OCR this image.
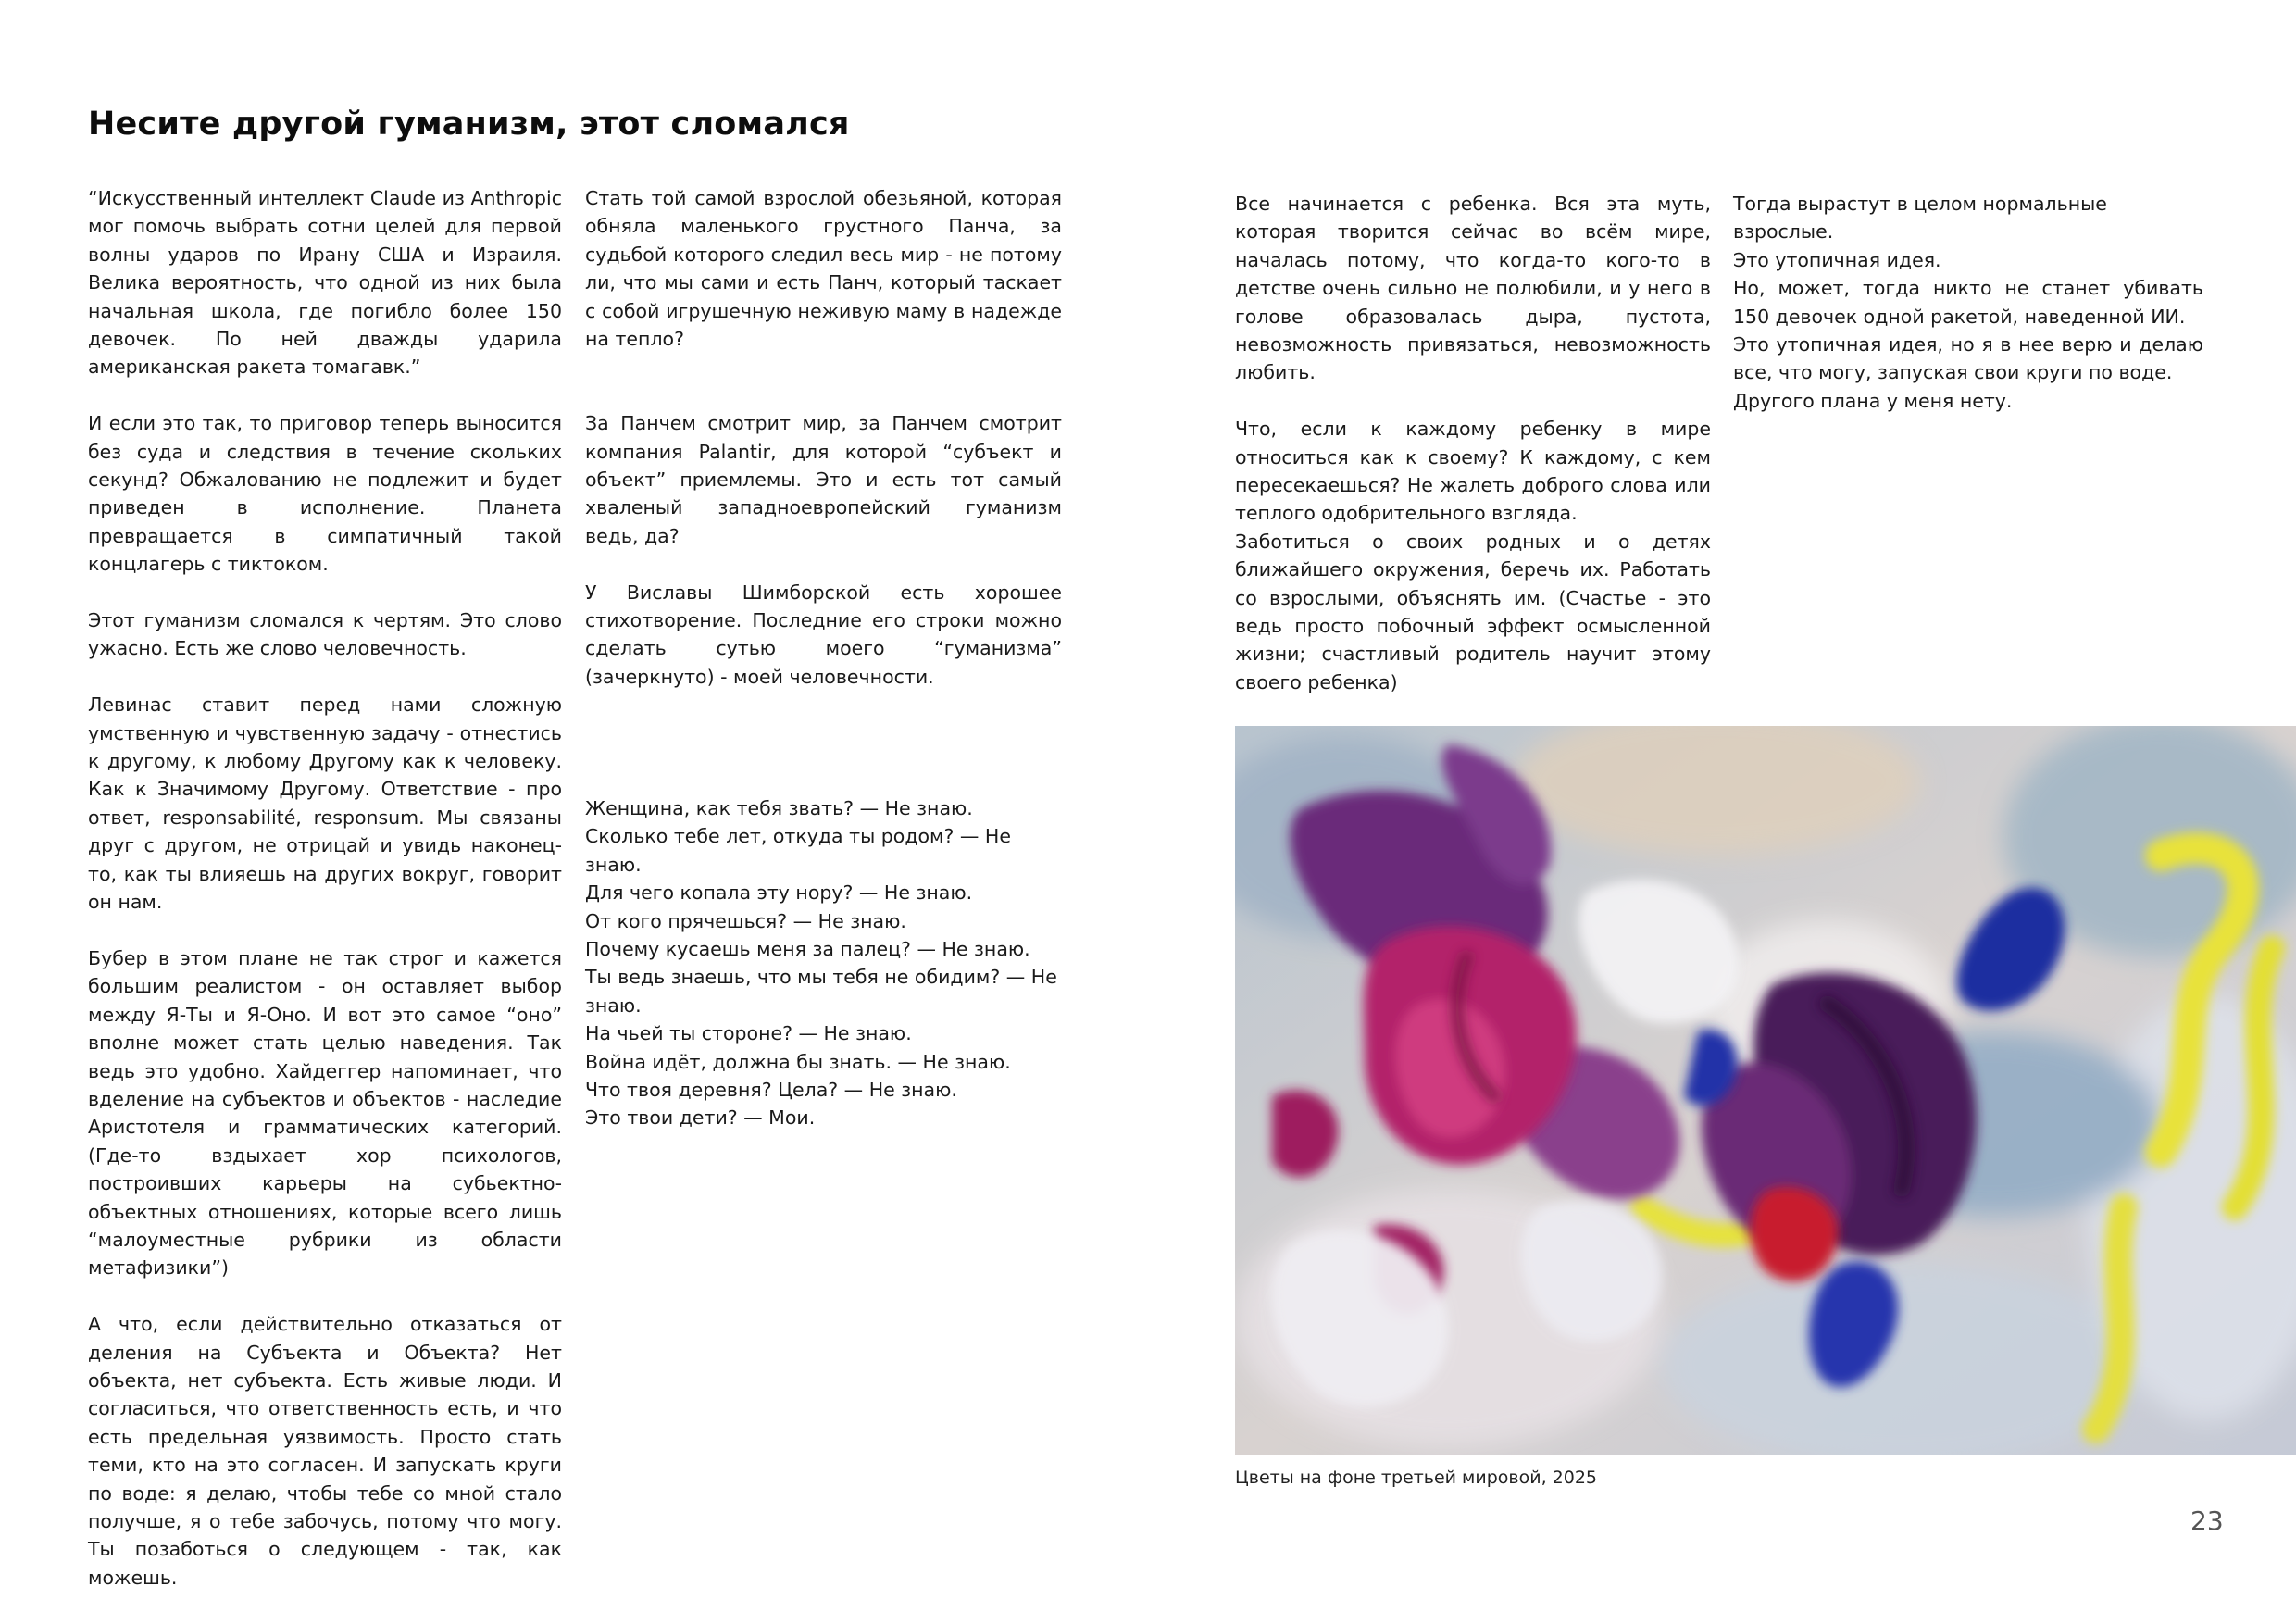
Несите другой гуманизм, этот сломался

“Искусственный интеллект Claude из Anthropic мог помочь выбрать сотни целей для первой волны ударов по Ирану США и Израиля. Велика вероятность, что одной из них была начальная школа, где погибло более 150 девочек. По ней дважды ударила американская ракета томагавк.”

И если это так, то приговор теперь выносится без суда и следствия в течение скольких секунд? Обжалованию не подлежит и будет приведен в исполнение. Планета превращается в симпатичный такой концлагерь с тиктоком.

Этот гуманизм сломался к чертям. Это слово ужасно. Есть же слово человечность.

Левинас ставит перед нами сложную умственную и чувственную задачу - отнестись к другому, к любому Другому как к человеку. Как к Значимому Другому. Ответствие - про ответ, responsabilité, responsum. Мы связаны друг с другом, не отрицай и увидь наконец-то, как ты влияешь на других вокруг, говорит он нам.

Бубер в этом плане не так строг и кажется большим реалистом - он оставляет выбор между Я-Ты и Я-Оно. И вот это самое “оно” вполне может стать целью наведения. Так ведь это удобно. Хайдеггер напоминает, что вделение на субъектов и объектов - наследие Аристотеля и грамматических категорий. (Где-то вздыхает хор психологов, построивших карьеры на субьектно-объектных отношениях, которые всего лишь “малоуместные рубрики из области метафизики”)

А что, если действительно отказаться от деления на Субъекта и Объекта? Нет объекта, нет субъекта. Есть живые люди. И согласиться, что ответственность есть, и что есть предельная уязвимость. Просто стать теми, кто на это согласен. И запускать круги по воде: я делаю, чтобы тебе со мной стало получше, я о тебе забочусь, потому что могу. Ты позаботься о следующем - так, как можешь.

Стать той самой взрослой обезьяной, которая обняла маленького грустного Панча, за судьбой которого следил весь мир - не потому ли, что мы сами и есть Панч, который таскает с собой игрушечную неживую маму в надежде на тепло?

За Панчем смотрит мир, за Панчем смотрит компания Palantir, для которой “субъект и объект” приемлемы. Это и есть тот самый хваленый западноевропейский гуманизм ведь, да?

У Виславы Шимборской есть хорошее стихотворение. Последние его строки можно сделать сутью моего “гуманизма” (зачеркнуто) - моей человечности.

Женщина, как тебя звать? — Не знаю.

Сколько тебе лет, откуда ты родом? — Не знаю.

Для чего копала эту нору? — Не знаю.

От кого прячешься? — Не знаю.

Почему кусаешь меня за палец? — Не знаю.

Ты ведь знаешь, что мы тебя не обидим? — Не знаю.

На чьей ты стороне? — Не знаю.

Война идёт, должна бы знать. — Не знаю.

Что твоя деревня? Цела? — Не знаю.

Это твои дети? — Мои.

Все начинается с ребенка. Вся эта муть, которая творится сейчас во всём мире, началась потому, что когда-то кого-то в детстве очень сильно не полюбили, и у него в голове образовалась дыра, пустота, невозможность привязаться, невозможность любить.

Что, если к каждому ребенку в мире относиться как к своему? К каждому, с кем пересекаешься? Не жалеть доброго слова или теплого одобрительного взгляда.
Заботиться о своих родных и о детях ближайшего окружения, беречь их. Работать со взрослыми, объяснять им. (Счастье - это ведь просто побочный эффект осмысленной жизни; счастливый родитель научит этому своего ребенка)

Тогда вырастут в целом нормальные взрослые.

Это утопичная идея.

Но, может, тогда никто не станет убивать 150 девочек одной ракетой, наведенной ИИ.

Это утопичная идея, но я в нее верю и делаю все, что могу, запуская свои круги по воде.

Другого плана у меня нету.

Цветы на фоне третьей мировой, 2025
23
